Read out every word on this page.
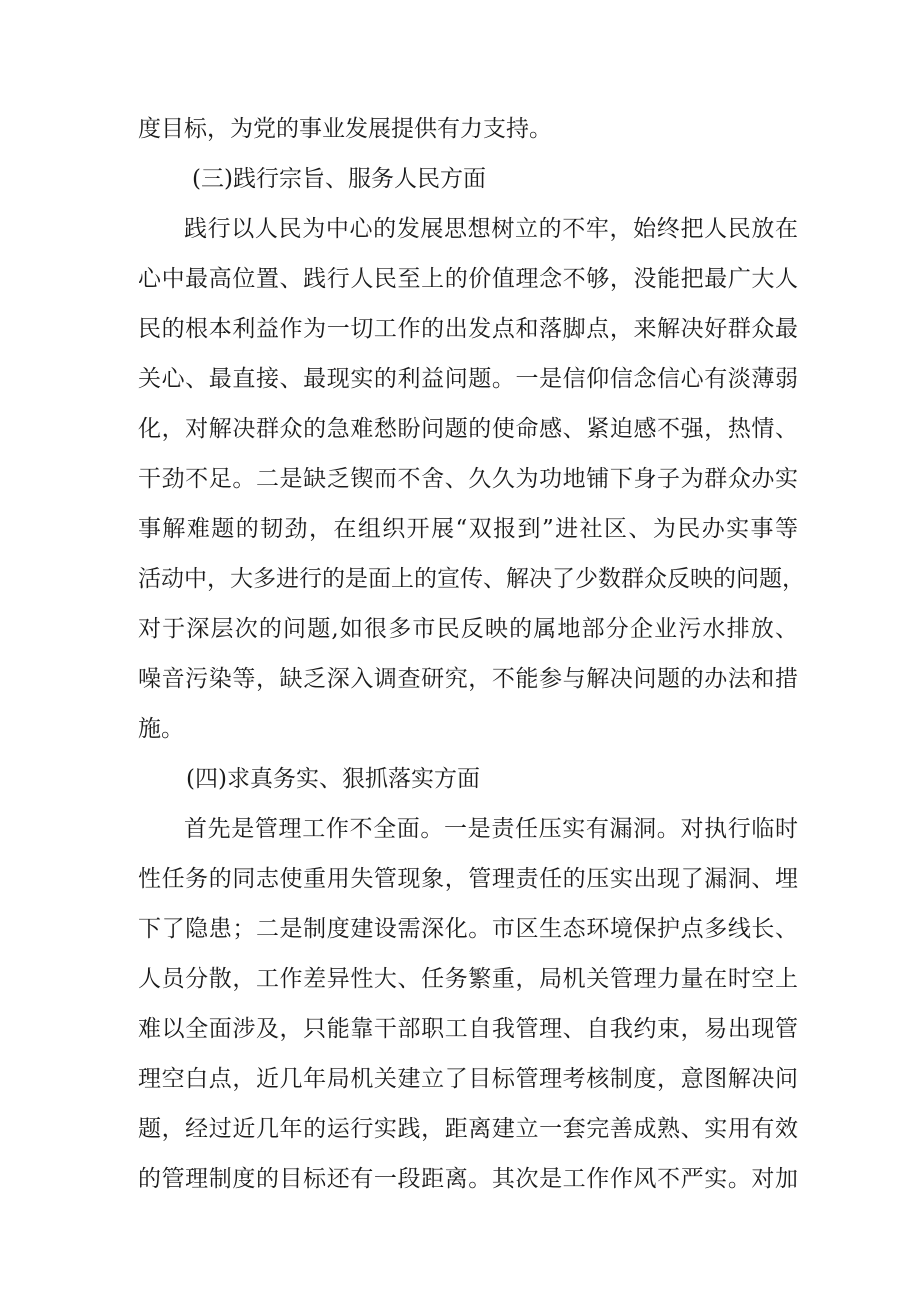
度目标，为党的事业发展提供有力支持。
(三)践行宗旨、服务人民方面
践行以人民为中心的发展思想树立的不牢，始终把人民放在
心中最高位置、践行人民至上的价值理念不够，没能把最广大人
民的根本利益作为一切工作的出发点和落脚点，来解决好群众最
关心、最直接、最现实的利益问题。一是信仰信念信心有淡薄弱
化，对解决群众的急难愁盼问题的使命感、紧迫感不强，热情、
干劲不足。二是缺乏锲而不舍、久久为功地铺下身子为群众办实
事解难题的韧劲，在组织开展“双报到”进社区、为民办实事等
活动中，大多进行的是面上的宣传、解决了少数群众反映的问题，
对于深层次的问题,如很多市民反映的属地部分企业污水排放、
噪音污染等，缺乏深入调查研究，不能参与解决问题的办法和措
施。
(四)求真务实、狠抓落实方面
首先是管理工作不全面。一是责任压实有漏洞。对执行临时
性任务的同志使重用失管现象，管理责任的压实出现了漏洞、埋
下了隐患；二是制度建设需深化。市区生态环境保护点多线长、
人员分散，工作差异性大、任务繁重，局机关管理力量在时空上
难以全面涉及，只能靠干部职工自我管理、自我约束，易出现管
理空白点，近几年局机关建立了目标管理考核制度，意图解决问
题，经过近几年的运行实践，距离建立一套完善成熟、实用有效
的管理制度的目标还有一段距离。其次是工作作风不严实。对加
